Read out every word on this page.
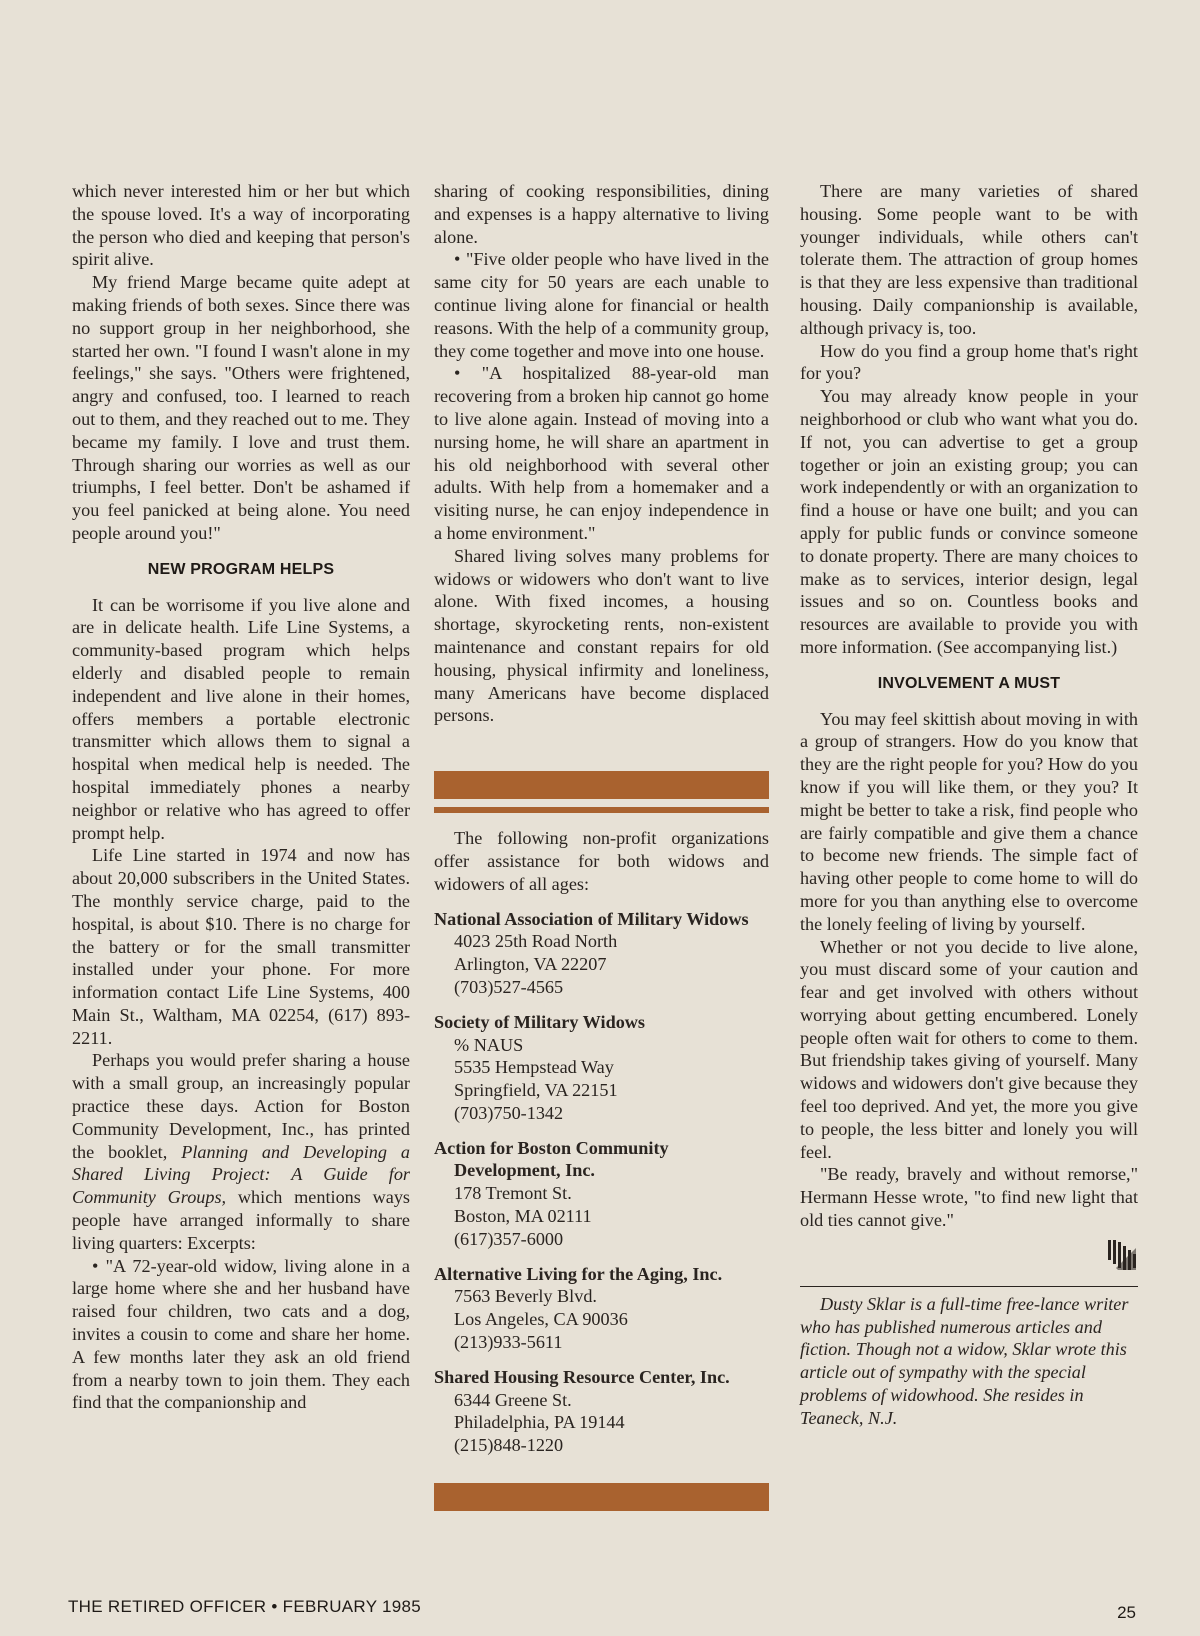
which never interested him or her but which the spouse loved. It's a way of incorporating the person who died and keeping that person's spirit alive.

My friend Marge became quite adept at making friends of both sexes. Since there was no support group in her neighborhood, she started her own. "I found I wasn't alone in my feelings," she says. "Others were frightened, angry and confused, too. I learned to reach out to them, and they reached out to me. They became my family. I love and trust them. Through sharing our worries as well as our triumphs, I feel better. Don't be ashamed if you feel panicked at being alone. You need people around you!"

NEW PROGRAM HELPS

It can be worrisome if you live alone and are in delicate health. Life Line Systems, a community-based program which helps elderly and disabled people to remain independent and live alone in their homes, offers members a portable electronic transmitter which allows them to signal a hospital when medical help is needed. The hospital immediately phones a nearby neighbor or relative who has agreed to offer prompt help.

Life Line started in 1974 and now has about 20,000 subscribers in the United States. The monthly service charge, paid to the hospital, is about $10. There is no charge for the battery or for the small transmitter installed under your phone. For more information contact Life Line Systems, 400 Main St., Waltham, MA 02254, (617) 893-2211.

Perhaps you would prefer sharing a house with a small group, an increasingly popular practice these days. Action for Boston Community Development, Inc., has printed the booklet, Planning and Developing a Shared Living Project: A Guide for Community Groups, which mentions ways people have arranged informally to share living quarters: Excerpts:

• "A 72-year-old widow, living alone in a large home where she and her husband have raised four children, two cats and a dog, invites a cousin to come and share her home. A few months later they ask an old friend from a nearby town to join them. They each find that the companionship and

sharing of cooking responsibilities, dining and expenses is a happy alternative to living alone.

• "Five older people who have lived in the same city for 50 years are each unable to continue living alone for financial or health reasons. With the help of a community group, they come together and move into one house.

• "A hospitalized 88-year-old man recovering from a broken hip cannot go home to live alone again. Instead of moving into a nursing home, he will share an apartment in his old neighborhood with several other adults. With help from a homemaker and a visiting nurse, he can enjoy independence in a home environment."

Shared living solves many problems for widows or widowers who don't want to live alone. With fixed incomes, a housing shortage, skyrocketing rents, non-existent maintenance and constant repairs for old housing, physical infirmity and loneliness, many Americans have become displaced persons.

The following non-profit organizations offer assistance for both widows and widowers of all ages:

National Association of Military Widows
4023 25th Road North
Arlington, VA 22207
(703)527-4565
Society of Military Widows
% NAUS
5535 Hempstead Way
Springfield, VA 22151
(703)750-1342
Action for Boston Community Development, Inc.
178 Tremont St.
Boston, MA 02111
(617)357-6000
Alternative Living for the Aging, Inc.
7563 Beverly Blvd.
Los Angeles, CA 90036
(213)933-5611
Shared Housing Resource Center, Inc.
6344 Greene St.
Philadelphia, PA 19144
(215)848-1220

There are many varieties of shared housing. Some people want to be with younger individuals, while others can't tolerate them. The attraction of group homes is that they are less expensive than traditional housing. Daily companionship is available, although privacy is, too.

How do you find a group home that's right for you?

You may already know people in your neighborhood or club who want what you do. If not, you can advertise to get a group together or join an existing group; you can work independently or with an organization to find a house or have one built; and you can apply for public funds or convince someone to donate property. There are many choices to make as to services, interior design, legal issues and so on. Countless books and resources are available to provide you with more information. (See accompanying list.)

INVOLVEMENT A MUST

You may feel skittish about moving in with a group of strangers. How do you know that they are the right people for you? How do you know if you will like them, or they you? It might be better to take a risk, find people who are fairly compatible and give them a chance to become new friends. The simple fact of having other people to come home to will do more for you than anything else to overcome the lonely feeling of living by yourself.

Whether or not you decide to live alone, you must discard some of your caution and fear and get involved with others without worrying about getting encumbered. Lonely people often wait for others to come to them. But friendship takes giving of yourself. Many widows and widowers don't give because they feel too deprived. And yet, the more you give to people, the less bitter and lonely you will feel.

"Be ready, bravely and without remorse," Hermann Hesse wrote, "to find new light that old ties cannot give."

Dusty Sklar is a full-time free-lance writer who has published numerous articles and fiction. Though not a widow, Sklar wrote this article out of sympathy with the special problems of widowhood. She resides in Teaneck, N.J.

THE RETIRED OFFICER • FEBRUARY 1985	25
